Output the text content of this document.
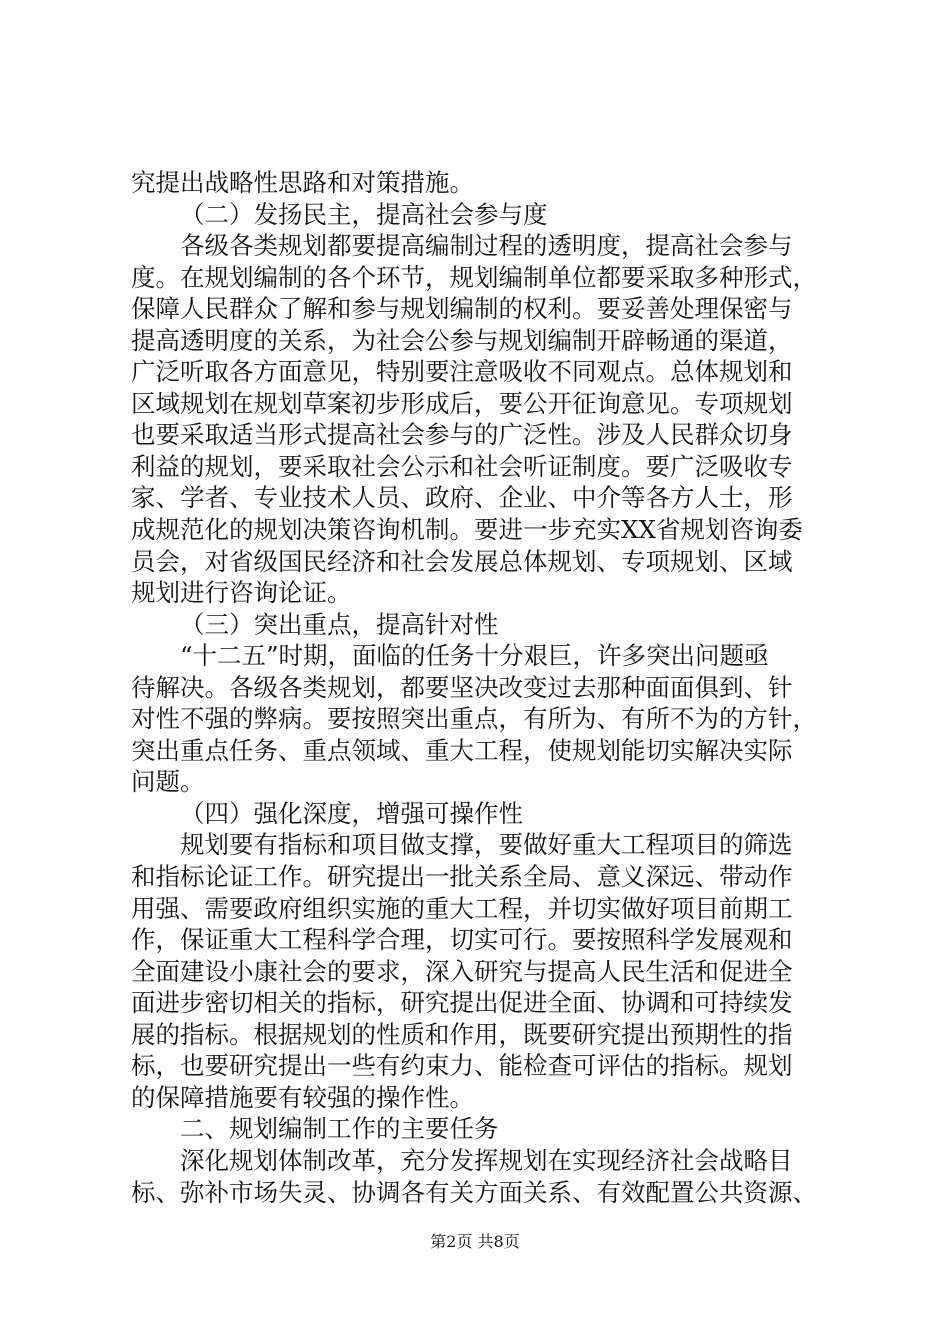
究提出战略性思路和对策措施。
（二）发扬民主，提高社会参与度
各级各类规划都要提高编制过程的透明度，提高社会参与
度。在规划编制的各个环节，规划编制单位都要采取多种形式，
保障人民群众了解和参与规划编制的权利。要妥善处理保密与
提高透明度的关系，为社会公参与规划编制开辟畅通的渠道，
广泛听取各方面意见，特别要注意吸收不同观点。总体规划和
区域规划在规划草案初步形成后，要公开征询意见。专项规划
也要采取适当形式提高社会参与的广泛性。涉及人民群众切身
利益的规划，要采取社会公示和社会听证制度。要广泛吸收专
家、学者、专业技术人员、政府、企业、中介等各方人士，形
成规范化的规划决策咨询机制。要进一步充实XX省规划咨询委
员会，对省级国民经济和社会发展总体规划、专项规划、区域
规划进行咨询论证。
（三）突出重点，提高针对性
“十二五”时期，面临的任务十分艰巨，许多突出问题亟
待解决。各级各类规划，都要坚决改变过去那种面面俱到、针
对性不强的弊病。要按照突出重点，有所为、有所不为的方针，
突出重点任务、重点领域、重大工程，使规划能切实解决实际
问题。
（四）强化深度，增强可操作性
规划要有指标和项目做支撑，要做好重大工程项目的筛选
和指标论证工作。研究提出一批关系全局、意义深远、带动作
用强、需要政府组织实施的重大工程，并切实做好项目前期工
作，保证重大工程科学合理，切实可行。要按照科学发展观和
全面建设小康社会的要求，深入研究与提高人民生活和促进全
面进步密切相关的指标，研究提出促进全面、协调和可持续发
展的指标。根据规划的性质和作用，既要研究提出预期性的指
标，也要研究提出一些有约束力、能检查可评估的指标。规划
的保障措施要有较强的操作性。
二、规划编制工作的主要任务
深化规划体制改革，充分发挥规划在实现经济社会战略目
标、弥补市场失灵、协调各有关方面关系、有效配置公共资源、
第2页 共8页
